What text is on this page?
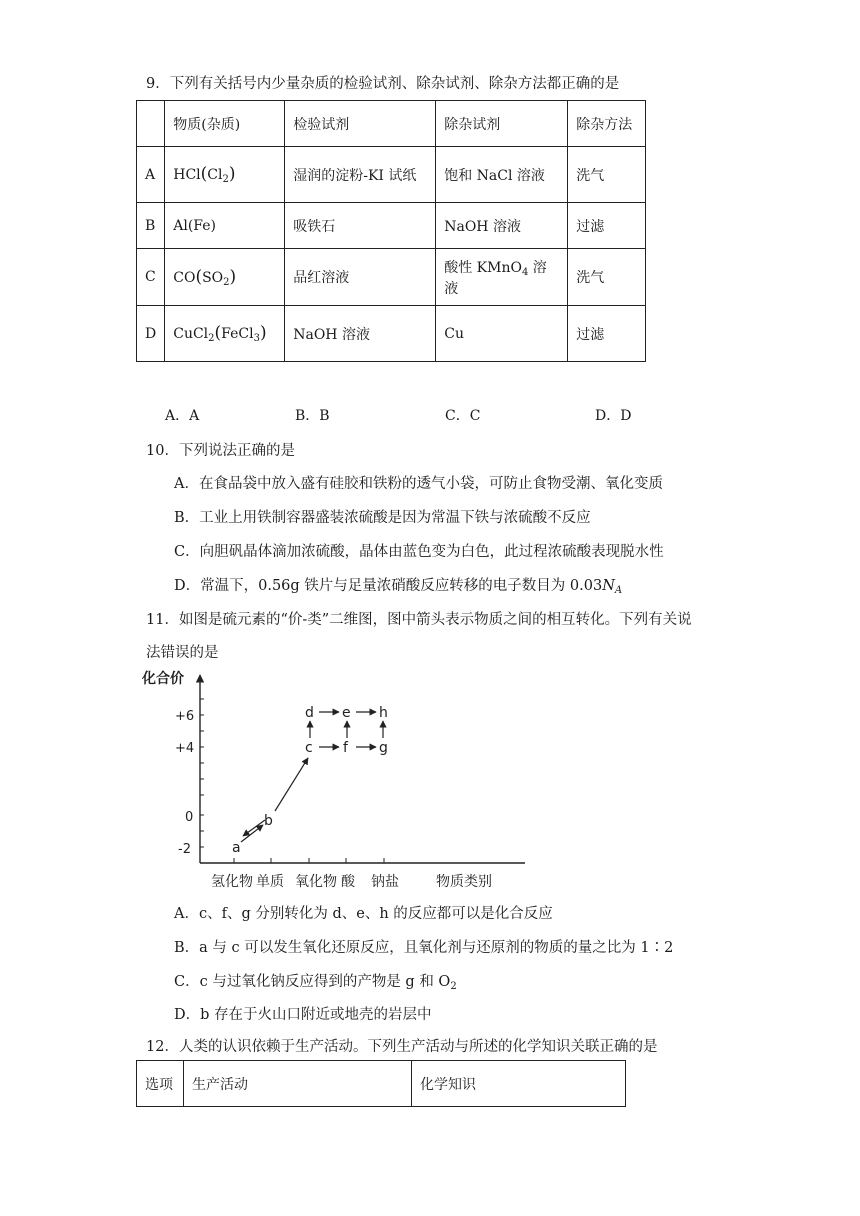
9．下列有关括号内少量杂质的检验试剂、除杂试剂、除杂方法都正确的是
	物质(杂质)	检验试剂	除杂试剂	除杂方法
A	$HCl(Cl_2)$	湿润的淀粉-KI 试纸	饱和 NaCl 溶液	洗气
B	Al(Fe)	吸铁石	NaOH 溶液	过滤
C	$CO(SO_2)$	品红溶液	酸性 KMnO$_4$ 溶液	洗气
D	CuCl$_2$(FeCl$_3$)	NaOH 溶液	Cu	过滤
A．A	B．B	C．C	D．D
10．下列说法正确的是
A．在食品袋中放入盛有硅胶和铁粉的透气小袋，可防止食物受潮、氧化变质
B．工业上用铁制容器盛装浓硫酸是因为常温下铁与浓硫酸不反应
C．向胆矾晶体滴加浓硫酸，晶体由蓝色变为白色，此过程浓硫酸表现脱水性
D．常温下，0.56g 铁片与足量浓硝酸反应转移的电子数目为 $0.03N_A$
11．如图是硫元素的“价-类”二维图，图中箭头表示物质之间的相互转化。下列有关说
法错误的是
化合价
+6
+4
0
-2
氢化物 单质 氧化物 酸 钠盐	物质类别
a
b
c
d e
f
h
g
A．c、f、g 分别转化为 d、e、h 的反应都可以是化合反应
B．a 与 c 可以发生氧化还原反应，且氧化剂与还原剂的物质的量之比为 1∶2
C．c 与过氧化钠反应得到的产物是 g 和 $O_2$
D．b 存在于火山口附近或地壳的岩层中
12．人类的认识依赖于生产活动。下列生产活动与所述的化学知识关联正确的是
选项	生产活动	化学知识
